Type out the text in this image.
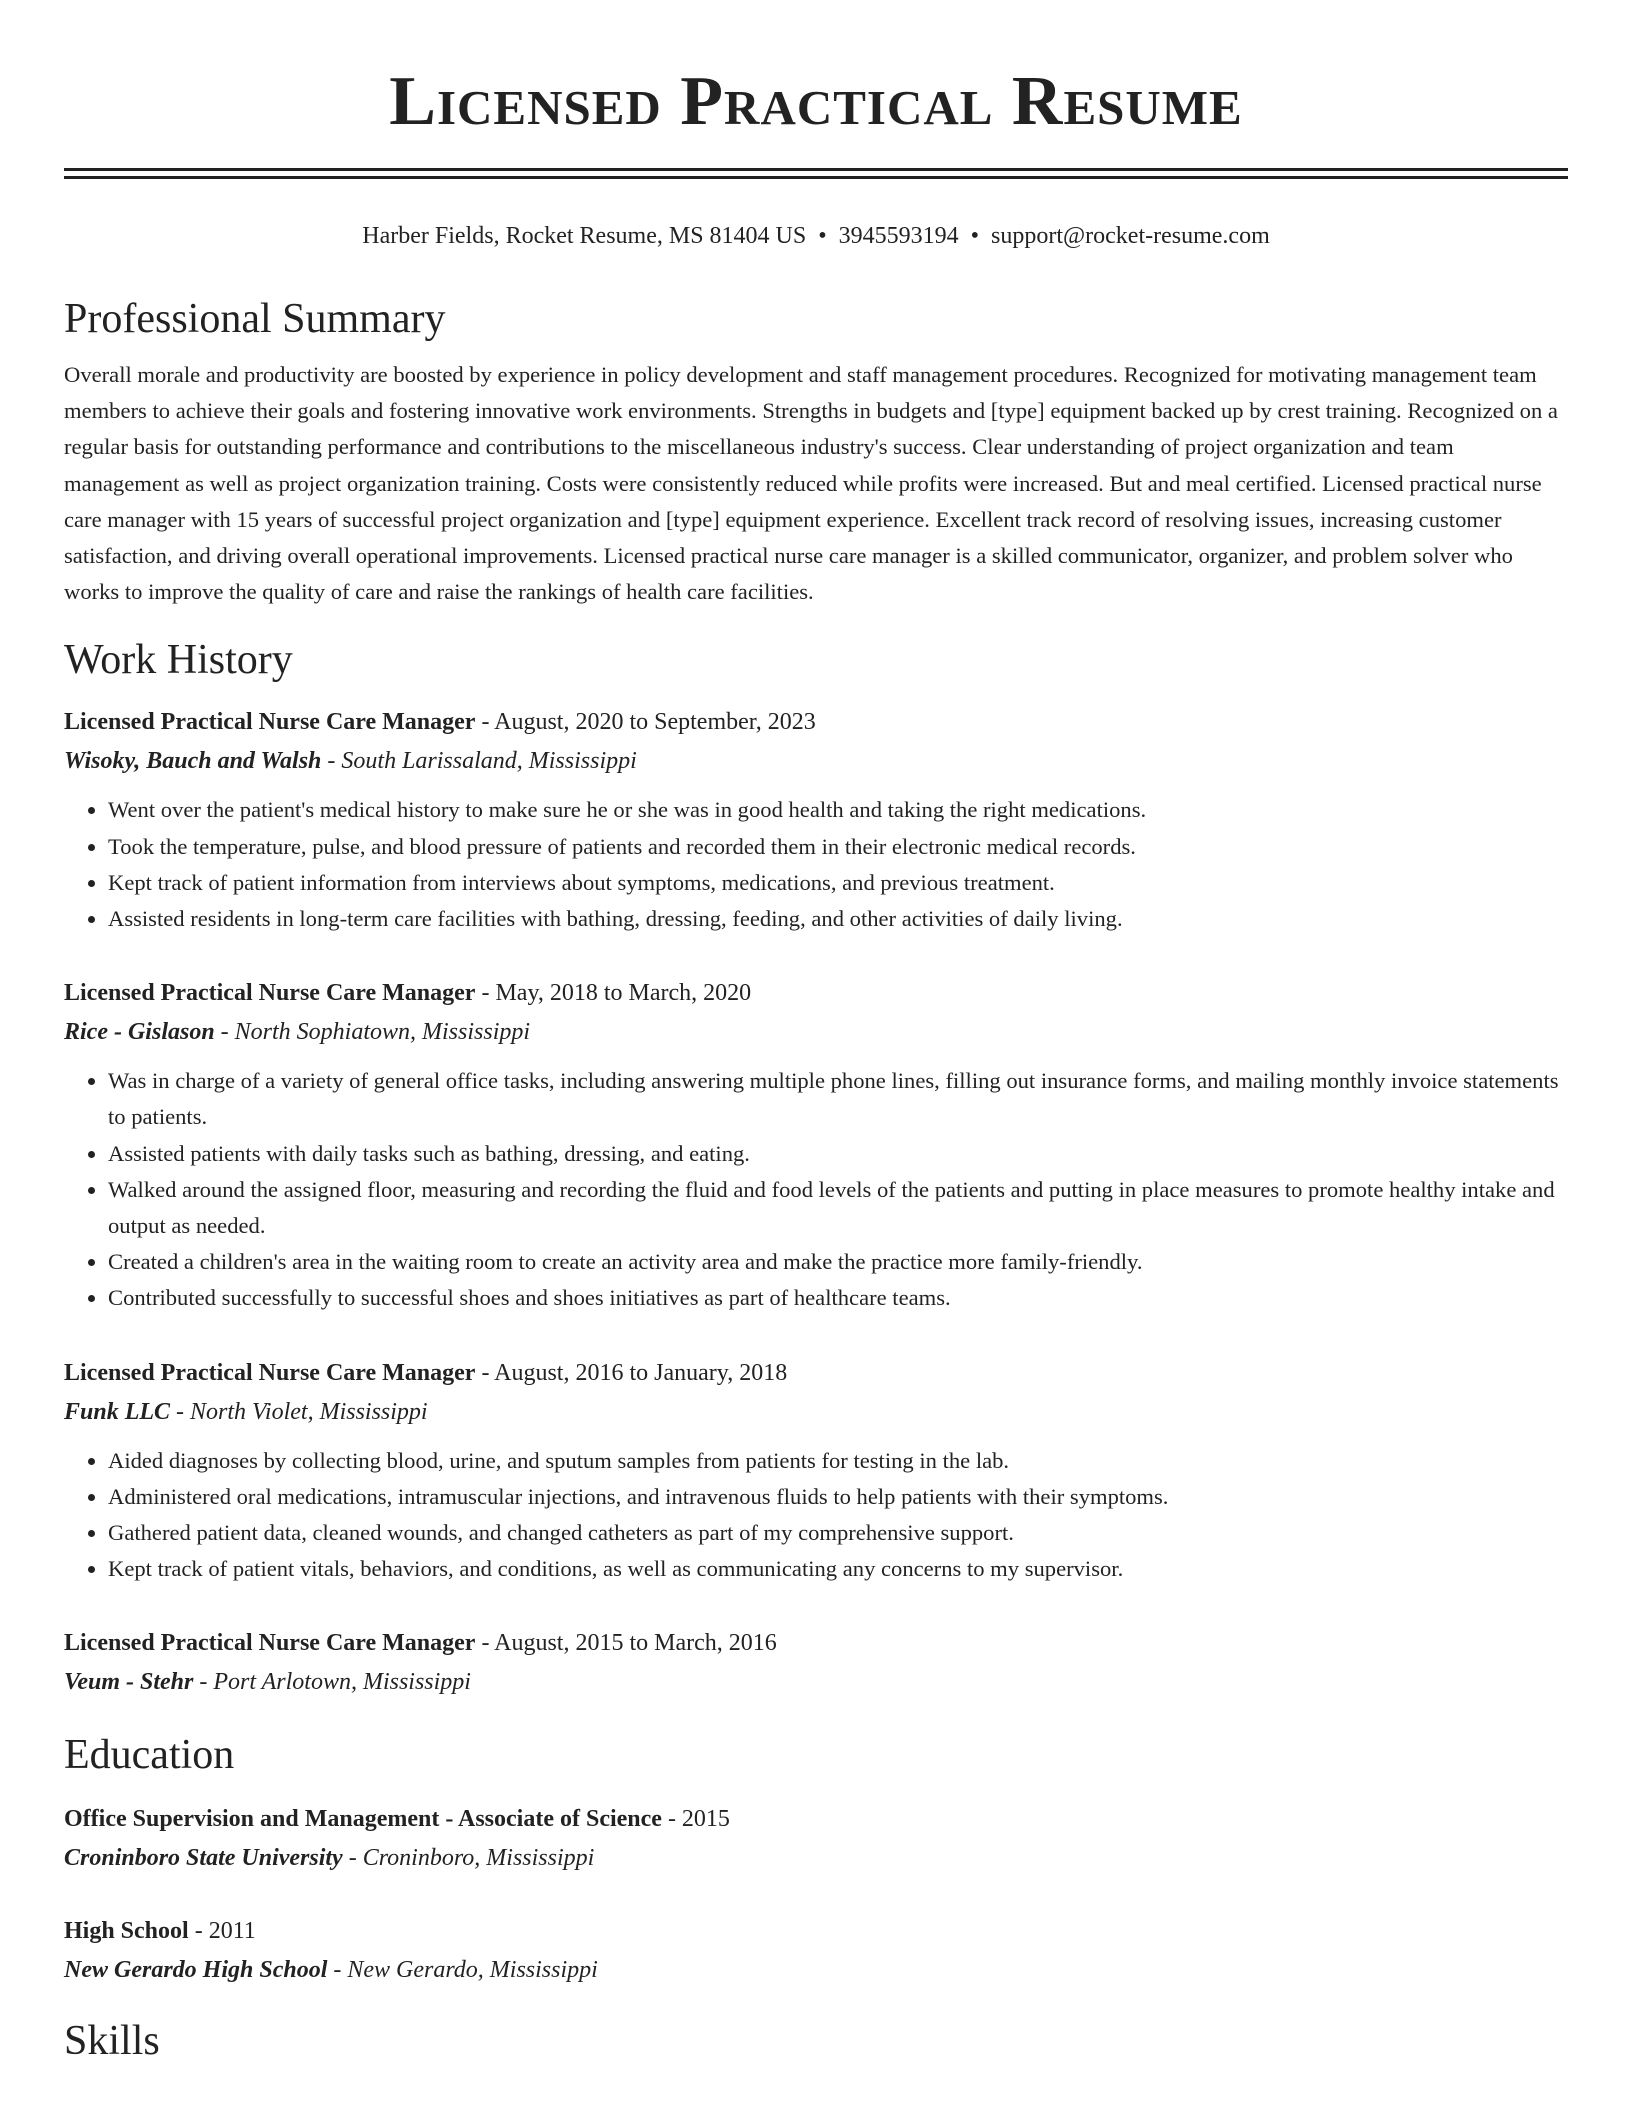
Licensed Practical Resume
Harber Fields, Rocket Resume, MS 81404 US • 3945593194 • support@rocket-resume.com
Professional Summary

Overall morale and productivity are boosted by experience in policy development and staff management procedures. Recognized for motivating management team members to achieve their goals and fostering innovative work environments. Strengths in budgets and [type] equipment backed up by crest training. Recognized on a regular basis for outstanding performance and contributions to the miscellaneous industry's success. Clear understanding of project organization and team management as well as project organization training. Costs were consistently reduced while profits were increased. But and meal certified. Licensed practical nurse care manager with 15 years of successful project organization and [type] equipment experience. Excellent track record of resolving issues, increasing customer satisfaction, and driving overall operational improvements. Licensed practical nurse care manager is a skilled communicator, organizer, and problem solver who works to improve the quality of care and raise the rankings of health care facilities.

Work History
Licensed Practical Nurse Care Manager - August, 2020 to September, 2023
Wisoky, Bauch and Walsh - South Larissaland, Mississippi
• Went over the patient's medical history to make sure he or she was in good health and taking the right medications.
• Took the temperature, pulse, and blood pressure of patients and recorded them in their electronic medical records.
• Kept track of patient information from interviews about symptoms, medications, and previous treatment.
• Assisted residents in long-term care facilities with bathing, dressing, feeding, and other activities of daily living.
Licensed Practical Nurse Care Manager - May, 2018 to March, 2020
Rice - Gislason - North Sophiatown, Mississippi
• Was in charge of a variety of general office tasks, including answering multiple phone lines, filling out insurance forms, and mailing monthly invoice statements to patients.
• Assisted patients with daily tasks such as bathing, dressing, and eating.
• Walked around the assigned floor, measuring and recording the fluid and food levels of the patients and putting in place measures to promote healthy intake and output as needed.
• Created a children's area in the waiting room to create an activity area and make the practice more family-friendly.
• Contributed successfully to successful shoes and shoes initiatives as part of healthcare teams.
Licensed Practical Nurse Care Manager - August, 2016 to January, 2018
Funk LLC - North Violet, Mississippi
• Aided diagnoses by collecting blood, urine, and sputum samples from patients for testing in the lab.
• Administered oral medications, intramuscular injections, and intravenous fluids to help patients with their symptoms.
• Gathered patient data, cleaned wounds, and changed catheters as part of my comprehensive support.
• Kept track of patient vitals, behaviors, and conditions, as well as communicating any concerns to my supervisor.
Licensed Practical Nurse Care Manager - August, 2015 to March, 2016
Veum - Stehr - Port Arlotown, Mississippi
Education
Office Supervision and Management - Associate of Science - 2015
Croninboro State University - Croninboro, Mississippi
High School - 2011
New Gerardo High School - New Gerardo, Mississippi
Skills
